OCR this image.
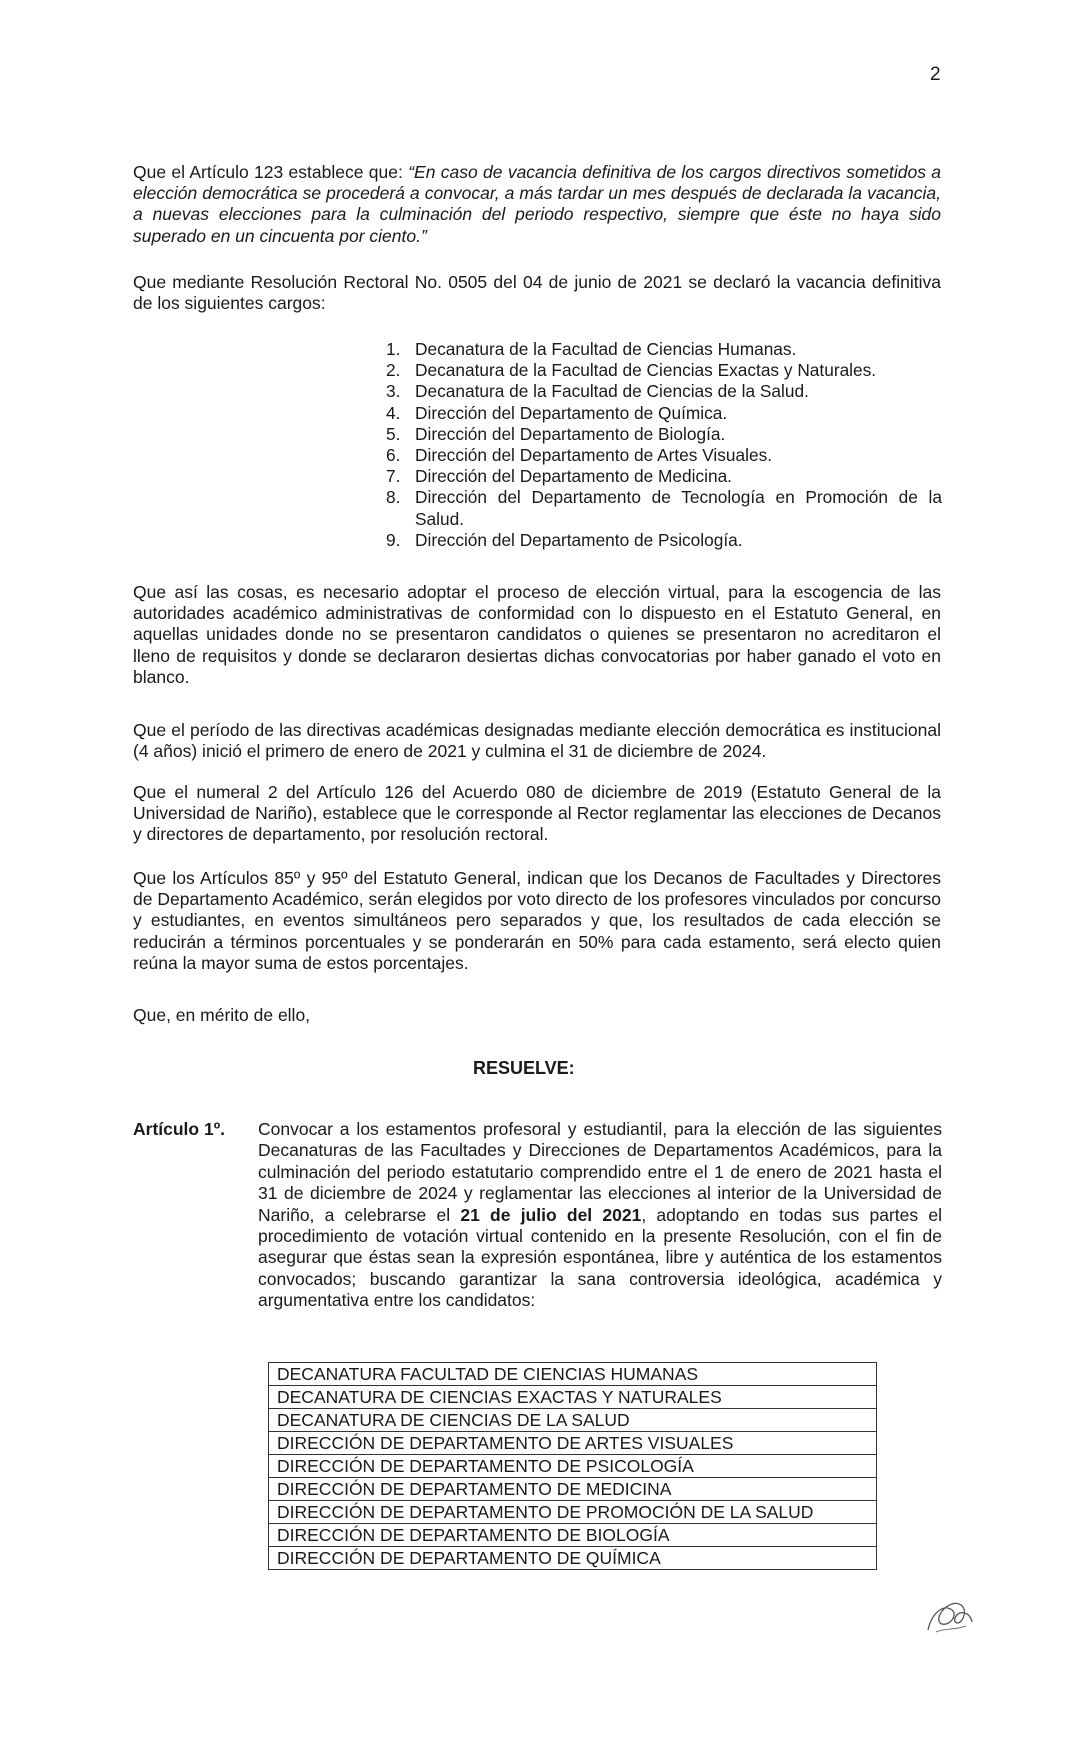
2

Que el Artículo 123 establece que: “En caso de vacancia definitiva de los cargos directivos sometidos a elección democrática se procederá a convocar, a más tardar un mes después de declarada la vacancia, a nuevas elecciones para la culminación del periodo respectivo, siempre que éste no haya sido superado en un cincuenta por ciento.”

Que mediante Resolución Rectoral No. 0505 del 04 de junio de 2021 se declaró la vacancia definitiva de los siguientes cargos:

1. Decanatura de la Facultad de Ciencias Humanas.
2. Decanatura de la Facultad de Ciencias Exactas y Naturales.
3. Decanatura de la Facultad de Ciencias de la Salud.
4. Dirección del Departamento de Química.
5. Dirección del Departamento de Biología.
6. Dirección del Departamento de Artes Visuales.
7. Dirección del Departamento de Medicina.
8. Dirección del Departamento de Tecnología en Promoción de la Salud.
9. Dirección del Departamento de Psicología.

Que así las cosas, es necesario adoptar el proceso de elección virtual, para la escogencia de las autoridades académico administrativas de conformidad con lo dispuesto en el Estatuto General, en aquellas unidades donde no se presentaron candidatos o quienes se presentaron no acreditaron el lleno de requisitos y donde se declararon desiertas dichas convocatorias por haber ganado el voto en blanco.

Que el período de las directivas académicas designadas mediante elección democrática es institucional (4 años) inició el primero de enero de 2021 y culmina el 31 de diciembre de 2024.

Que el numeral 2 del Artículo 126 del Acuerdo 080 de diciembre de 2019 (Estatuto General de la Universidad de Nariño), establece que le corresponde al Rector reglamentar las elecciones de Decanos y directores de departamento, por resolución rectoral.

Que los Artículos 85º y 95º del Estatuto General, indican que los Decanos de Facultades y Directores de Departamento Académico, serán elegidos por voto directo de los profesores vinculados por concurso y estudiantes, en eventos simultáneos pero separados y que, los resultados de cada elección se reducirán a términos porcentuales y se ponderarán en 50% para cada estamento, será electo quien reúna la mayor suma de estos porcentajes.

Que, en mérito de ello,

RESUELVE:
Artículo 1º. Convocar a los estamentos profesoral y estudiantil, para la elección de las siguientes Decanaturas de las Facultades y Direcciones de Departamentos Académicos, para la culminación del periodo estatutario comprendido entre el 1 de enero de 2021 hasta el 31 de diciembre de 2024 y reglamentar las elecciones al interior de la Universidad de Nariño, a celebrarse el 21 de julio del 2021, adoptando en todas sus partes el procedimiento de votación virtual contenido en la presente Resolución, con el fin de asegurar que éstas sean la expresión espontánea, libre y auténtica de los estamentos convocados; buscando garantizar la sana controversia ideológica, académica y argumentativa entre los candidatos:

DECANATURA FACULTAD DE CIENCIAS HUMANAS
DECANATURA DE CIENCIAS EXACTAS Y NATURALES
DECANATURA DE CIENCIAS DE LA SALUD
DIRECCIÓN DE DEPARTAMENTO DE ARTES VISUALES
DIRECCIÓN DE DEPARTAMENTO DE PSICOLOGÍA
DIRECCIÓN DE DEPARTAMENTO DE MEDICINA
DIRECCIÓN DE DEPARTAMENTO DE PROMOCIÓN DE LA SALUD
DIRECCIÓN DE DEPARTAMENTO DE BIOLOGÍA
DIRECCIÓN DE DEPARTAMENTO DE QUÍMICA
